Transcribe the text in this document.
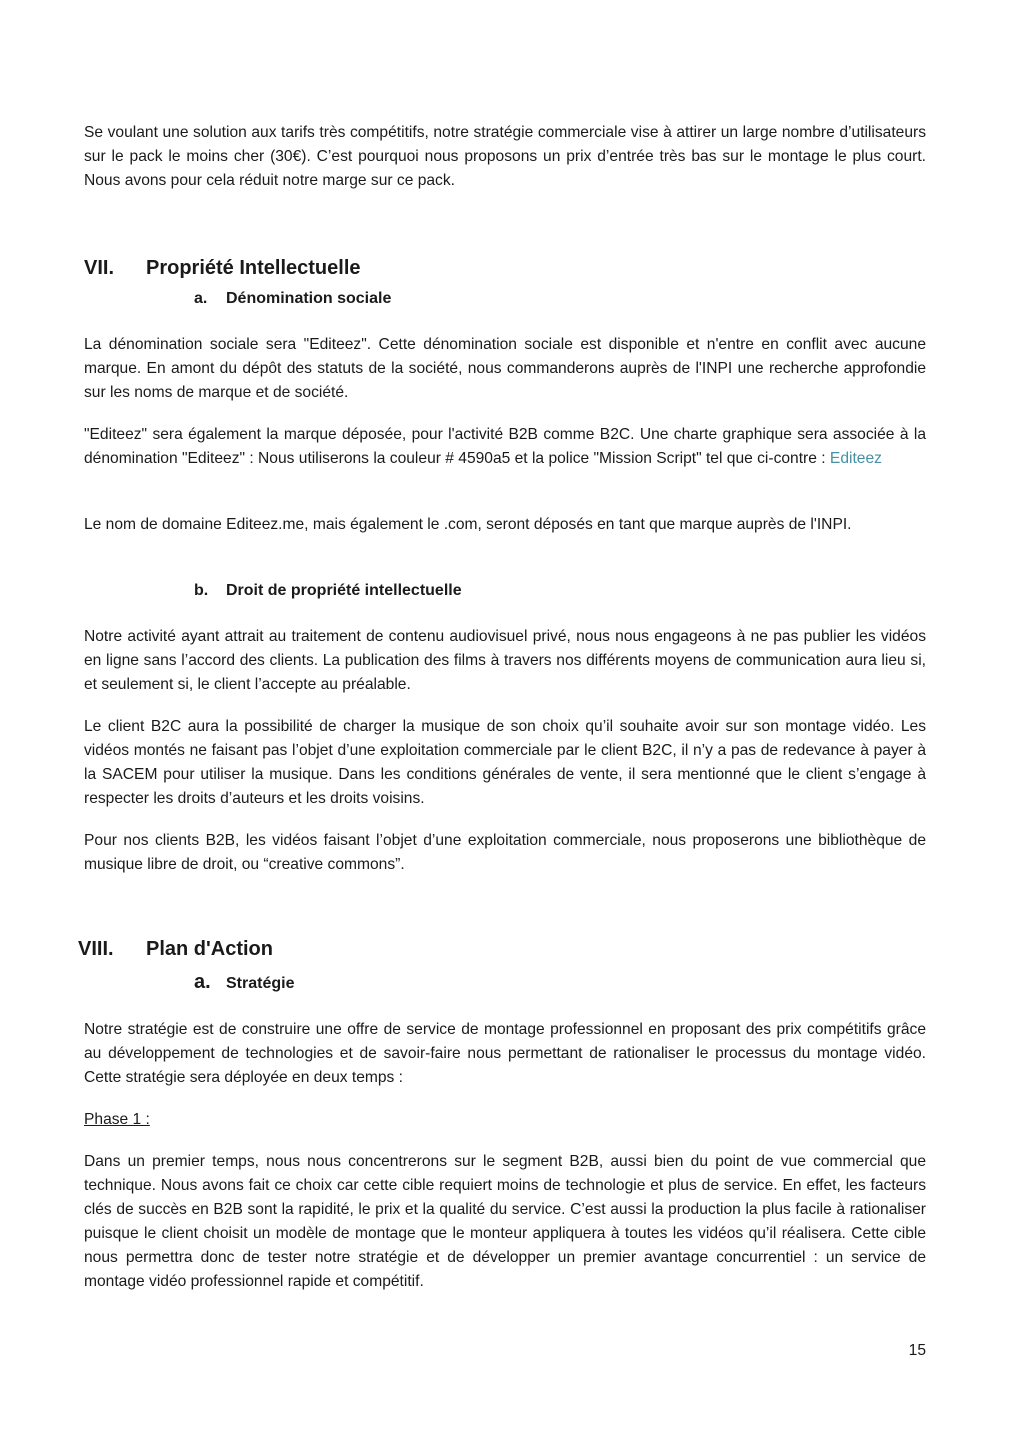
Se voulant une solution aux tarifs très compétitifs, notre stratégie commerciale vise à attirer un large nombre d’utilisateurs sur le pack le moins cher (30€). C’est pourquoi nous proposons un prix d’entrée très bas sur le montage le plus court. Nous avons pour cela réduit notre marge sur ce pack.

VII. Propriété Intellectuelle
a. Dénomination sociale

La dénomination sociale sera "Editeez". Cette dénomination sociale est disponible et n'entre en conflit avec aucune marque. En amont du dépôt des statuts de la société, nous commanderons auprès de l'INPI une recherche approfondie sur les noms de marque et de société.

"Editeez" sera également la marque déposée, pour l'activité B2B comme B2C. Une charte graphique sera associée à la dénomination "Editeez" : Nous utiliserons la couleur # 4590a5 et la police "Mission Script" tel que ci-contre : Editeez

Le nom de domaine Editeez.me, mais également le .com, seront déposés en tant que marque auprès de l'INPI.

b. Droit de propriété intellectuelle

Notre activité ayant attrait au traitement de contenu audiovisuel privé, nous nous engageons à ne pas publier les vidéos en ligne sans l’accord des clients. La publication des films à travers nos différents moyens de communication aura lieu si, et seulement si, le client l’accepte au préalable.

Le client B2C aura la possibilité de charger la musique de son choix qu’il souhaite avoir sur son montage vidéo. Les vidéos montés ne faisant pas l’objet d’une exploitation commerciale par le client B2C, il n’y a pas de redevance à payer à la SACEM pour utiliser la musique. Dans les conditions générales de vente, il sera mentionné que le client s’engage à respecter les droits d’auteurs et les droits voisins.

Pour nos clients B2B, les vidéos faisant l’objet d’une exploitation commerciale, nous proposerons une bibliothèque de musique libre de droit, ou “creative commons”.

VIII. Plan d'Action
a. Stratégie

Notre stratégie est de construire une offre de service de montage professionnel en proposant des prix compétitifs grâce au développement de technologies et de savoir-faire nous permettant de rationaliser le processus du montage vidéo. Cette stratégie sera déployée en deux temps :

Phase 1 :

Dans un premier temps, nous nous concentrerons sur le segment B2B, aussi bien du point de vue commercial que technique. Nous avons fait ce choix car cette cible requiert moins de technologie et plus de service. En effet, les facteurs clés de succès en B2B sont la rapidité, le prix et la qualité du service. C’est aussi la production la plus facile à rationaliser puisque le client choisit un modèle de montage que le monteur appliquera à toutes les vidéos qu’il réalisera. Cette cible nous permettra donc de tester notre stratégie et de développer un premier avantage concurrentiel : un service de montage vidéo professionnel rapide et compétitif.

15
